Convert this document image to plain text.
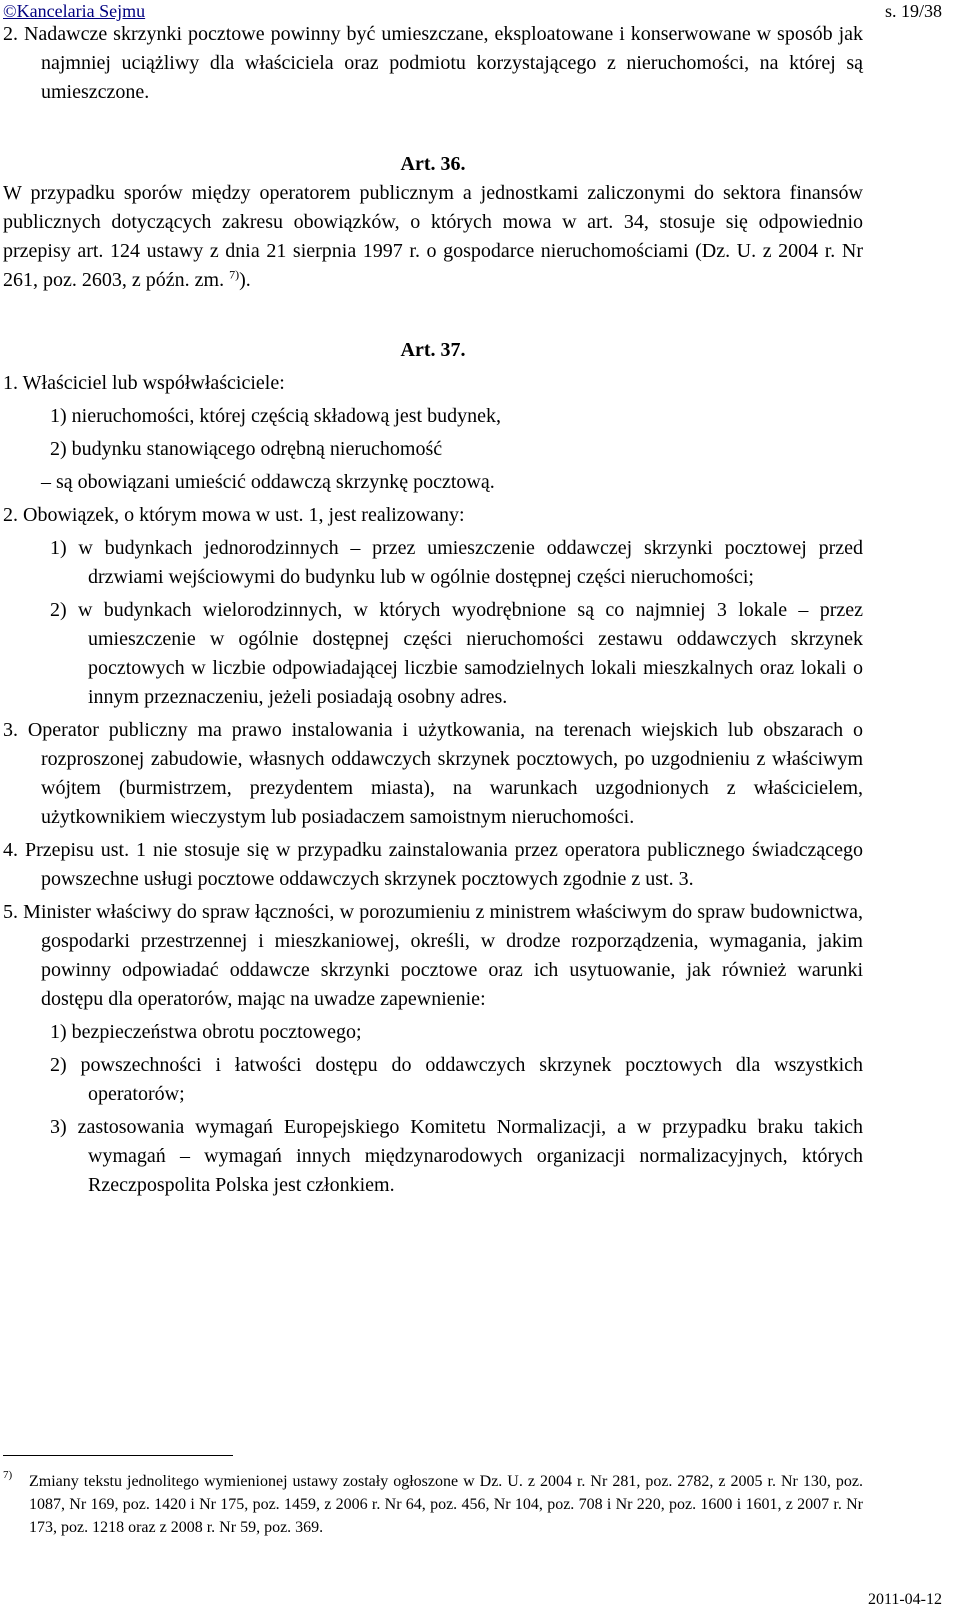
©Kancelaria Sejmu	s. 19/38

2. Nadawcze skrzynki pocztowe powinny być umieszczane, eksploatowane i konserwowane w sposób jak najmniej uciążliwy dla właściciela oraz podmiotu korzystającego z nieruchomości, na której są umieszczone.

Art. 36.

W przypadku sporów między operatorem publicznym a jednostkami zaliczonymi do sektora finansów publicznych dotyczących zakresu obowiązków, o których mowa w art. 34, stosuje się odpowiednio przepisy art. 124 ustawy z dnia 21 sierpnia 1997 r. o gospodarce nieruchomościami (Dz. U. z 2004 r. Nr 261, poz. 2603, z późn. zm. $^{7)}$).

Art. 37.

1. Właściciel lub współwłaściciele:

1) nieruchomości, której częścią składową jest budynek,

2) budynku stanowiącego odrębną nieruchomość

– są obowiązani umieścić oddawczą skrzynkę pocztową.

2. Obowiązek, o którym mowa w ust. 1, jest realizowany:

1) w budynkach jednorodzinnych – przez umieszczenie oddawczej skrzynki pocztowej przed drzwiami wejściowymi do budynku lub w ogólnie dostępnej części nieruchomości;

2) w budynkach wielorodzinnych, w których wyodrębnione są co najmniej 3 lokale – przez umieszczenie w ogólnie dostępnej części nieruchomości zestawu oddawczych skrzynek pocztowych w liczbie odpowiadającej liczbie samodzielnych lokali mieszkalnych oraz lokali o innym przeznaczeniu, jeżeli posiadają osobny adres.

3. Operator publiczny ma prawo instalowania i użytkowania, na terenach wiejskich lub obszarach o rozproszonej zabudowie, własnych oddawczych skrzynek pocztowych, po uzgodnieniu z właściwym wójtem (burmistrzem, prezydentem miasta), na warunkach uzgodnionych z właścicielem, użytkownikiem wieczystym lub posiadaczem samoistnym nieruchomości.

4. Przepisu ust. 1 nie stosuje się w przypadku zainstalowania przez operatora publicznego świadczącego powszechne usługi pocztowe oddawczych skrzynek pocztowych zgodnie z ust. 3.

5. Minister właściwy do spraw łączności, w porozumieniu z ministrem właściwym do spraw budownictwa, gospodarki przestrzennej i mieszkaniowej, określi, w drodze rozporządzenia, wymagania, jakim powinny odpowiadać oddawcze skrzynki pocztowe oraz ich usytuowanie, jak również warunki dostępu dla operatorów, mając na uwadze zapewnienie:

1) bezpieczeństwa obrotu pocztowego;

2) powszechności i łatwości dostępu do oddawczych skrzynek pocztowych dla wszystkich operatorów;

3) zastosowania wymagań Europejskiego Komitetu Normalizacji, a w przypadku braku takich wymagań – wymagań innych międzynarodowych organizacji normalizacyjnych, których Rzeczpospolita Polska jest członkiem.

7)	Zmiany tekstu jednolitego wymienionej ustawy zostały ogłoszone w Dz. U. z 2004 r. Nr 281, poz. 2782, z 2005 r. Nr 130, poz. 1087, Nr 169, poz. 1420 i Nr 175, poz. 1459, z 2006 r. Nr 64, poz. 456, Nr 104, poz. 708 i Nr 220, poz. 1600 i 1601, z 2007 r. Nr 173, poz. 1218 oraz z 2008 r. Nr 59, poz. 369.
2011-04-12
